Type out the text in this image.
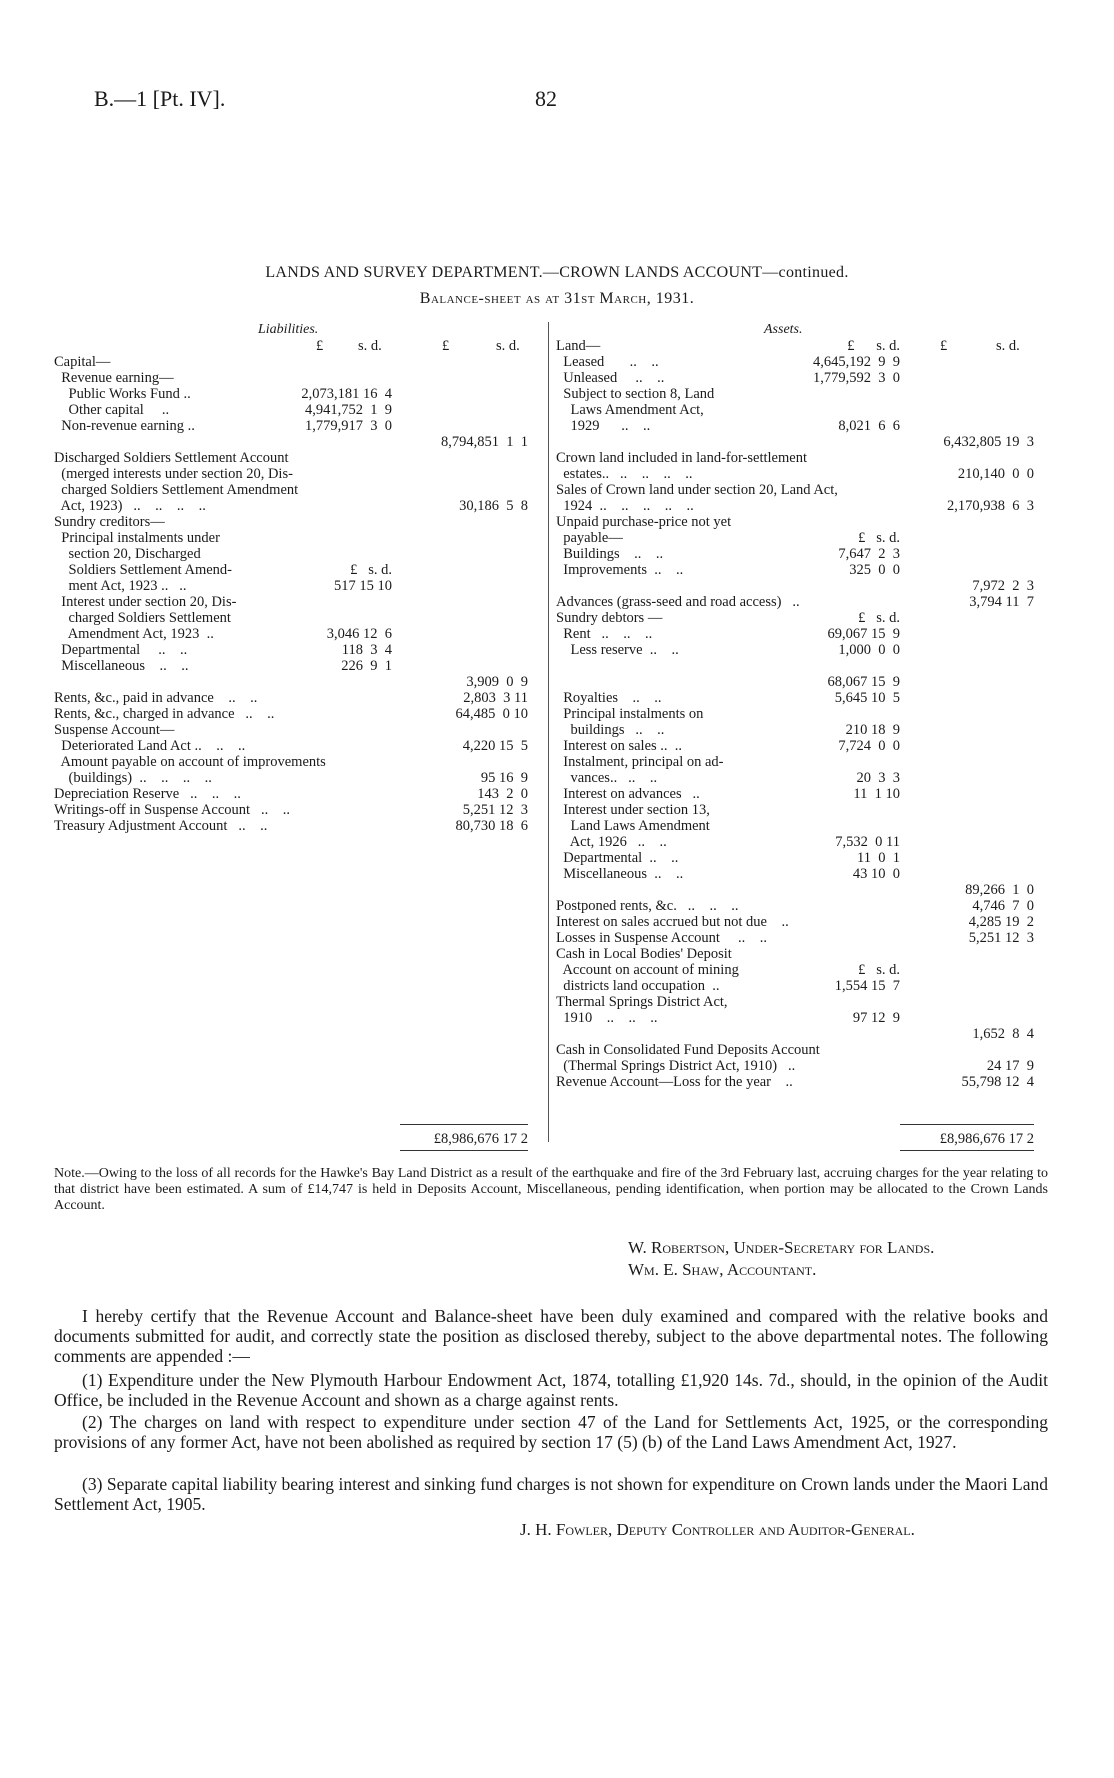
B.—1 [Pt. IV].	82
LANDS AND SURVEY DEPARTMENT.—CROWN LANDS ACCOUNT—continued.
Balance-sheet as at 31st March, 1931.
Liabilities.
£ s. d.	£	s. d.
Capital—
Revenue earning—
Public Works Fund ..	2,073,181 16  4
Other capital     ..	4,941,752  1  9
Non-revenue earning ..	1,779,917  3  0
8,794,851  1  1
Discharged Soldiers Settlement Account
(merged interests under section 20, Dis-
charged Soldiers Settlement Amendment
Act, 1923)   ..    ..    ..    ..	30,186  5  8
Sundry creditors—
Principal instalments under
section 20, Discharged
Soldiers Settlement Amend-	£   s. d.
ment Act, 1923 ..   ..	517 15 10
Interest under section 20, Dis-
charged Soldiers Settlement
Amendment Act, 1923  ..	3,046 12  6
Departmental     ..    ..	118  3  4
Miscellaneous    ..    ..	226  9  1
3,909  0  9
Rents, &c., paid in advance    ..    ..	2,803  3 11
Rents, &c., charged in advance   ..    ..	64,485  0 10
Suspense Account—
Deteriorated Land Act ..    ..    ..	4,220 15  5
Amount payable on account of improvements
(buildings)  ..    ..    ..    ..	95 16  9
Depreciation Reserve   ..    ..    ..	143  2  0
Writings-off in Suspense Account   ..    ..	5,251 12  3
Treasury Adjustment Account   ..    ..	80,730 18  6
Assets.
£	s. d.
Land—	£      s. d.
Leased       ..    ..	4,645,192  9  9
Unleased     ..    ..	1,779,592  3  0
Subject to section 8, Land
Laws Amendment Act,
1929      ..    ..	8,021  6  6
6,432,805 19  3
Crown land included in land-for-settlement
estates..   ..    ..    ..    ..	210,140  0  0
Sales of Crown land under section 20, Land Act,
1924  ..    ..    ..    ..    ..	2,170,938  6  3
Unpaid purchase-price not yet
payable—	£   s. d.
Buildings    ..    ..	7,647  2  3
Improvements  ..    ..	325  0  0
7,972  2  3
Advances (grass-seed and road access)   ..	3,794 11  7
Sundry debtors —	£   s. d.
Rent   ..    ..    ..	69,067 15  9
Less reserve  ..    ..	1,000  0  0
68,067 15  9
Royalties    ..    ..	5,645 10  5
Principal instalments on
buildings   ..    ..	210 18  9
Interest on sales ..  ..	7,724  0  0
Instalment, principal on ad-
vances..   ..    ..	20  3  3
Interest on advances   ..	11  1 10
Interest under section 13,
Land Laws Amendment
Act, 1926   ..    ..	7,532  0 11
Departmental  ..    ..	11  0  1
Miscellaneous  ..    ..	43 10  0
89,266  1  0
Postponed rents, &c.   ..    ..    ..	4,746  7  0
Interest on sales accrued but not due    ..	4,285 19  2
Losses in Suspense Account     ..    ..	5,251 12  3
Cash in Local Bodies' Deposit
Account on account of mining	£   s. d.
districts land occupation  ..	1,554 15  7
Thermal Springs District Act,
1910    ..    ..    ..	97 12  9
1,652  8  4
Cash in Consolidated Fund Deposits Account
(Thermal Springs District Act, 1910)   ..	24 17  9
Revenue Account—Loss for the year    ..	55,798 12  4
£8,986,676 17 2	£8,986,676 17 2
Note.—Owing to the loss of all records for the Hawke's Bay Land District as a result of the earthquake and fire of the 3rd February last, accruing charges for the year relating to that district have been estimated. A sum of £14,747 is held in Deposits Account, Miscellaneous, pending identification, when portion may be allocated to the Crown Lands Account.
W. Robertson, Under-Secretary for Lands.
Wm. E. Shaw, Accountant.
I hereby certify that the Revenue Account and Balance-sheet have been duly examined and compared with the relative books and documents submitted for audit, and correctly state the position as disclosed thereby, subject to the above departmental notes. The following comments are appended :—
(1) Expenditure under the New Plymouth Harbour Endowment Act, 1874, totalling £1,920 14s. 7d., should, in the opinion of the Audit Office, be included in the Revenue Account and shown as a charge against rents.
(2) The charges on land with respect to expenditure under section 47 of the Land for Settlements Act, 1925, or the corresponding provisions of any former Act, have not been abolished as required by section 17 (5) (b) of the Land Laws Amendment Act, 1927.
(3) Separate capital liability bearing interest and sinking fund charges is not shown for expenditure on Crown lands under the Maori Land Settlement Act, 1905.
J. H. Fowler, Deputy Controller and Auditor-General.
